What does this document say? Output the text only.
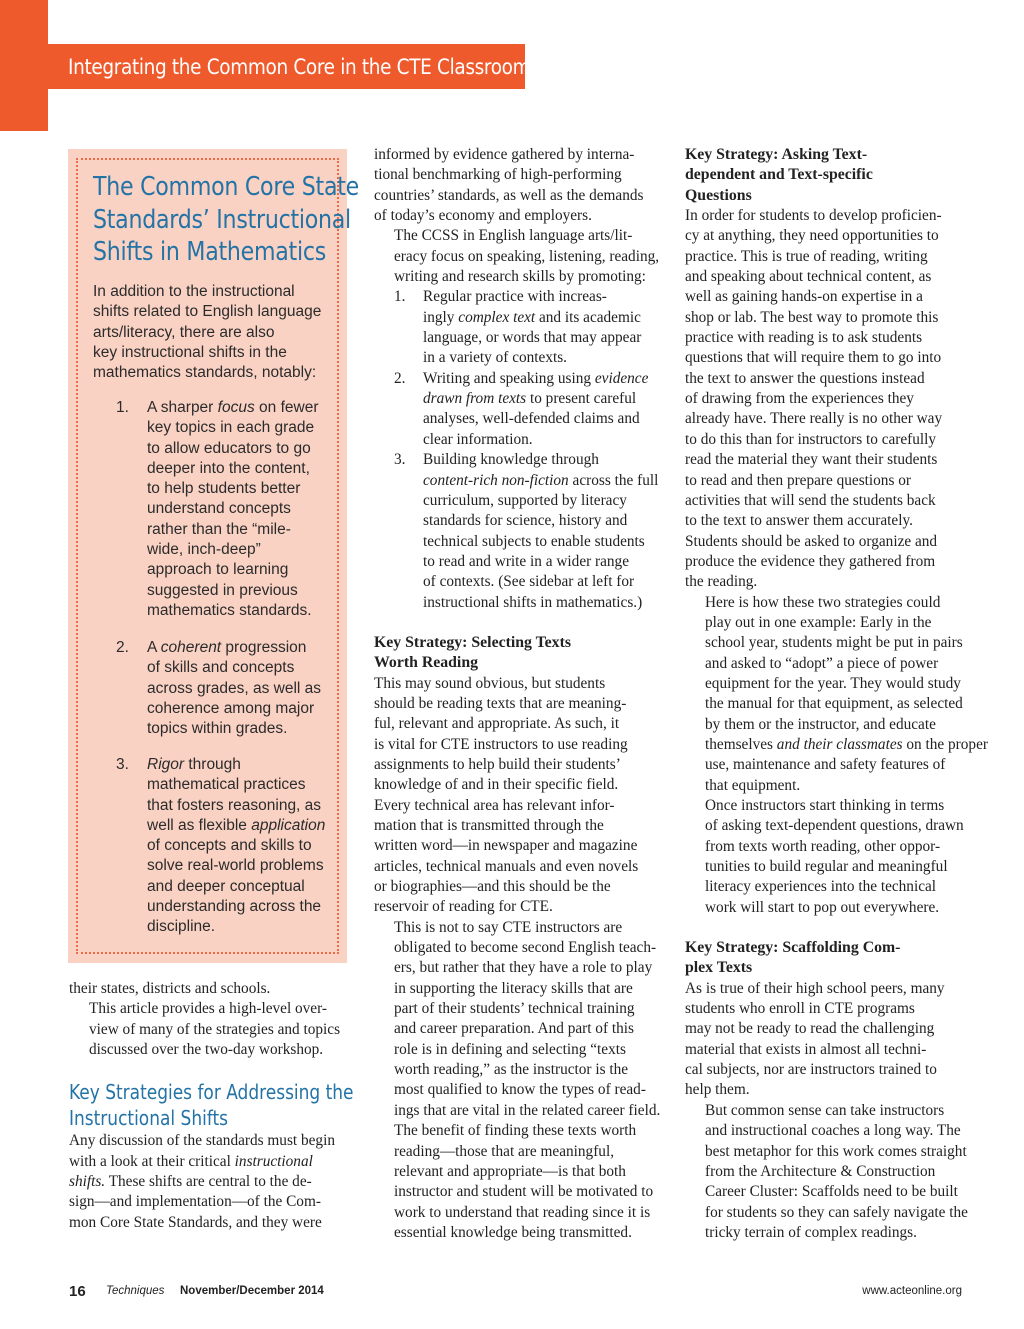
Integrating the Common Core in the CTE Classroom
The Common Core State
Standards’ Instructional
Shifts in Mathematics
In addition to the instructional
shifts related to English language
arts/literacy, there are also
key instructional shifts in the
mathematics standards, notably:
1. A sharper focus on fewer
key topics in each grade
to allow educators to go
deeper into the content,
to help students better
understand concepts
rather than the “mile-
wide, inch-deep”
approach to learning
suggested in previous
mathematics standards.
2. A coherent progression
of skills and concepts
across grades, as well as
coherence among major
topics within grades.
3. Rigor through
mathematical practices
that fosters reasoning, as
well as flexible application
of concepts and skills to
solve real-world problems
and deeper conceptual
understanding across the
discipline.
their states, districts and schools.
This article provides a high-level over-
view of many of the strategies and topics
discussed over the two-day workshop.
Key Strategies for Addressing the
Instructional Shifts
Any discussion of the standards must begin
with a look at their critical instructional
shifts. These shifts are central to the de-
sign—and implementation—of the Com-
mon Core State Standards, and they were
informed by evidence gathered by interna-
tional benchmarking of high-performing
countries’ standards, as well as the demands
of today’s economy and employers.
The CCSS in English language arts/lit-
eracy focus on speaking, listening, reading,
writing and research skills by promoting:
1. Regular practice with increas-
ingly complex text and its academic
language, or words that may appear
in a variety of contexts.
2. Writing and speaking using evidence
drawn from texts to present careful
analyses, well-defended claims and
clear information.
3. Building knowledge through
content-rich non-fiction across the full
curriculum, supported by literacy
standards for science, history and
technical subjects to enable students
to read and write in a wider range
of contexts. (See sidebar at left for
instructional shifts in mathematics.)
Key Strategy: Selecting Texts
Worth Reading
This may sound obvious, but students
should be reading texts that are meaning-
ful, relevant and appropriate. As such, it
is vital for CTE instructors to use reading
assignments to help build their students’
knowledge of and in their specific field.
Every technical area has relevant infor-
mation that is transmitted through the
written word—in newspaper and magazine
articles, technical manuals and even novels
or biographies—and this should be the
reservoir of reading for CTE.
This is not to say CTE instructors are
obligated to become second English teach-
ers, but rather that they have a role to play
in supporting the literacy skills that are
part of their students’ technical training
and career preparation. And part of this
role is in defining and selecting “texts
worth reading,” as the instructor is the
most qualified to know the types of read-
ings that are vital in the related career field.
The benefit of finding these texts worth
reading—those that are meaningful,
relevant and appropriate—is that both
instructor and student will be motivated to
work to understand that reading since it is
essential knowledge being transmitted.
Key Strategy: Asking Text-
dependent and Text-specific
Questions
In order for students to develop proficien-
cy at anything, they need opportunities to
practice. This is true of reading, writing
and speaking about technical content, as
well as gaining hands-on expertise in a
shop or lab. The best way to promote this
practice with reading is to ask students
questions that will require them to go into
the text to answer the questions instead
of drawing from the experiences they
already have. There really is no other way
to do this than for instructors to carefully
read the material they want their students
to read and then prepare questions or
activities that will send the students back
to the text to answer them accurately.
Students should be asked to organize and
produce the evidence they gathered from
the reading.
Here is how these two strategies could
play out in one example: Early in the
school year, students might be put in pairs
and asked to “adopt” a piece of power
equipment for the year. They would study
the manual for that equipment, as selected
by them or the instructor, and educate
themselves and their classmates on the proper
use, maintenance and safety features of
that equipment.
Once instructors start thinking in terms
of asking text-dependent questions, drawn
from texts worth reading, other oppor-
tunities to build regular and meaningful
literacy experiences into the technical
work will start to pop out everywhere.
Key Strategy: Scaffolding Com-
plex Texts
As is true of their high school peers, many
students who enroll in CTE programs
may not be ready to read the challenging
material that exists in almost all techni-
cal subjects, nor are instructors trained to
help them.
But common sense can take instructors
and instructional coaches a long way. The
best metaphor for this work comes straight
from the Architecture & Construction
Career Cluster: Scaffolds need to be built
for students so they can safely navigate the
tricky terrain of complex readings.
16 Techniques November/December 2014	www.acteonline.org
